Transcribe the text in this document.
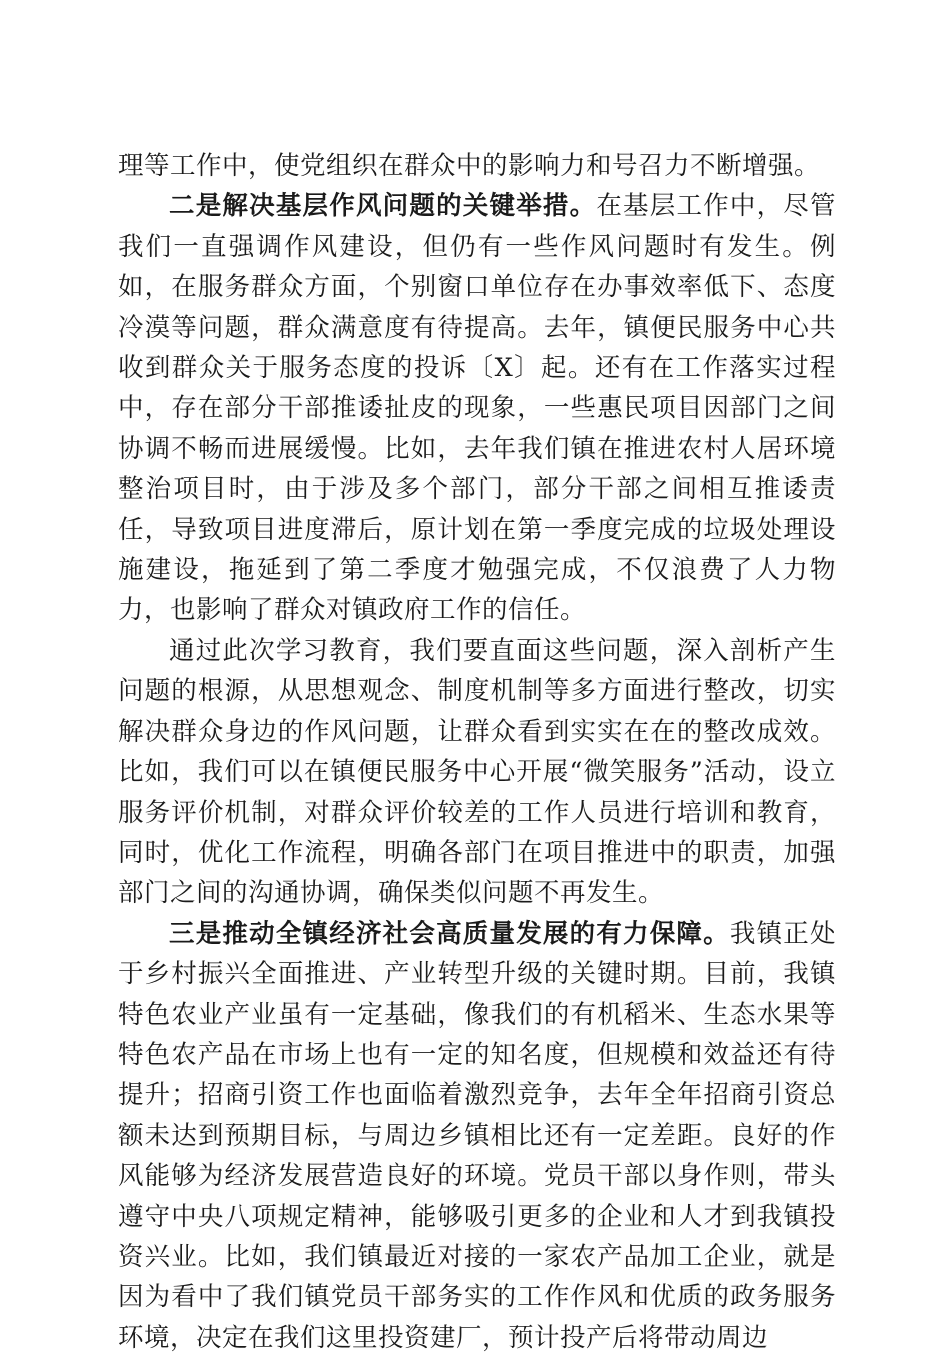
理等工作中，使党组织在群众中的影响力和号召力不断增强。

二是解决基层作风问题的关键举措。在基层工作中，尽管我们一直强调作风建设，但仍有一些作风问题时有发生。例如，在服务群众方面，个别窗口单位存在办事效率低下、态度冷漠等问题，群众满意度有待提高。去年，镇便民服务中心共收到群众关于服务态度的投诉〔X〕起。还有在工作落实过程中，存在部分干部推诿扯皮的现象，一些惠民项目因部门之间协调不畅而进展缓慢。比如，去年我们镇在推进农村人居环境整治项目时，由于涉及多个部门，部分干部之间相互推诿责任，导致项目进度滞后，原计划在第一季度完成的垃圾处理设施建设，拖延到了第二季度才勉强完成，不仅浪费了人力物力，也影响了群众对镇政府工作的信任。

通过此次学习教育，我们要直面这些问题，深入剖析产生问题的根源，从思想观念、制度机制等多方面进行整改，切实解决群众身边的作风问题，让群众看到实实在在的整改成效。比如，我们可以在镇便民服务中心开展“微笑服务”活动，设立服务评价机制，对群众评价较差的工作人员进行培训和教育，同时，优化工作流程，明确各部门在项目推进中的职责，加强部门之间的沟通协调，确保类似问题不再发生。

三是推动全镇经济社会高质量发展的有力保障。我镇正处于乡村振兴全面推进、产业转型升级的关键时期。目前，我镇特色农业产业虽有一定基础，像我们的有机稻米、生态水果等特色农产品在市场上也有一定的知名度，但规模和效益还有待提升；招商引资工作也面临着激烈竞争，去年全年招商引资总额未达到预期目标，与周边乡镇相比还有一定差距。良好的作风能够为经济发展营造良好的环境。党员干部以身作则，带头遵守中央八项规定精神，能够吸引更多的企业和人才到我镇投资兴业。比如，我们镇最近对接的一家农产品加工企业，就是因为看中了我们镇党员干部务实的工作作风和优质的政务服务环境，决定在我们这里投资建厂，预计投产后将带动周边
